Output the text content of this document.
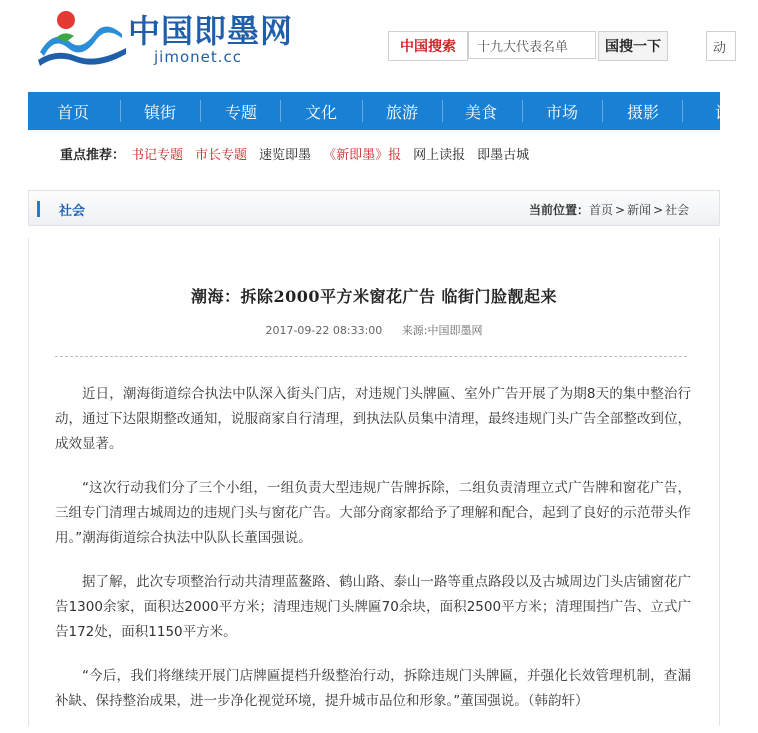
中国即墨网
jimonet.cc
中国搜索
十九大代表名单	国搜一下	动
首页	镇街	专题	文化	旅游	美食	市场	摄影	论
重点推荐： 书记专题 市长专题 速览即墨 《新即墨》报 网上读报 即墨古城
社会	当前位置：首页 > 新闻 > 社会
潮海：拆除2000平方米窗花广告 临街门脸靓起来
2017-09-22 08:33:00 来源:中国即墨网

近日，潮海街道综合执法中队深入街头门店，对违规门头牌匾、室外广告开展了为期8天的集中整治行动，通过下达限期整改通知，说服商家自行清理，到执法队员集中清理，最终违规门头广告全部整改到位，成效显著。

“这次行动我们分了三个小组，一组负责大型违规广告牌拆除，二组负责清理立式广告牌和窗花广告，三组专门清理古城周边的违规门头与窗花广告。大部分商家都给予了理解和配合，起到了良好的示范带头作用。”潮海街道综合执法中队队长董国强说。

据了解，此次专项整治行动共清理蓝鳌路、鹤山路、泰山一路等重点路段以及古城周边门头店铺窗花广告1300余家，面积达2000平方米；清理违规门头牌匾70余块，面积2500平方米；清理围挡广告、立式广告172处，面积1150平方米。

“今后，我们将继续开展门店牌匾提档升级整治行动，拆除违规门头牌匾，并强化长效管理机制，查漏补缺、保持整治成果，进一步净化视觉环境，提升城市品位和形象。”董国强说。（韩韵轩）
